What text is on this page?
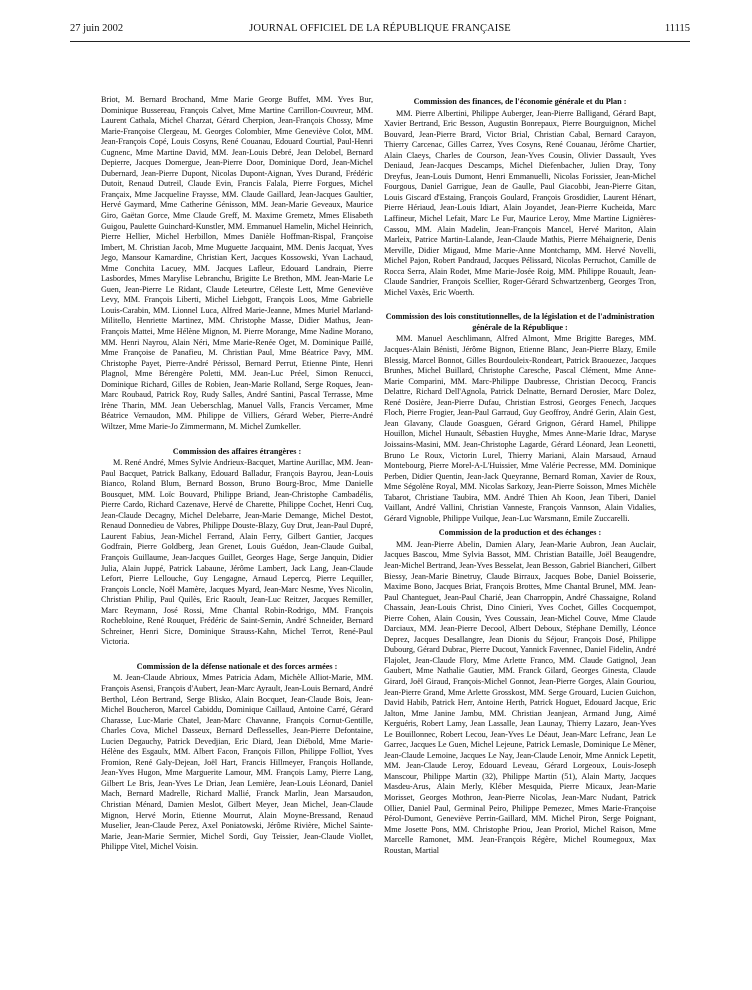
27 juin 2002	JOURNAL OFFICIEL DE LA RÉPUBLIQUE FRANÇAISE	11115

Briot, M. Bernard Brochand, Mme Marie George Buffet, MM. Yves Bur, Dominique Bussereau, François Calvet, Mme Martine Carrillon-Couvreur, MM. Laurent Cathala, Michel Charzat, Gérard Cherpion, Jean-François Chossy, Mme Marie-Françoise Clergeau, M. Georges Colombier, Mme Geneviève Colot, MM. Jean-François Copé, Louis Cosyns, René Couanau, Edouard Courtial, Paul-Henri Cugnenc, Mme Martine David, MM. Jean-Louis Debré, Jean Delobel, Bernard Depierre, Jacques Domergue, Jean-Pierre Door, Dominique Dord, Jean-Michel Dubernard, Jean-Pierre Dupont, Nicolas Dupont-Aignan, Yves Durand, Frédéric Dutoit, Renaud Dutreil, Claude Evin, Francis Falala, Pierre Forgues, Michel Françaix, Mme Jacqueline Fraysse, MM. Claude Gaillard, Jean-Jacques Gaultier, Hervé Gaymard, Mme Catherine Génisson, MM. Jean-Marie Geveaux, Maurice Giro, Gaëtan Gorce, Mme Claude Greff, M. Maxime Gremetz, Mmes Elisabeth Guigou, Paulette Guinchard-Kunstler, MM. Emmanuel Hamelin, Michel Heinrich, Pierre Hellier, Michel Herbillon, Mmes Danièle Hoffman-Rispal, Françoise Imbert, M. Christian Jacob, Mme Muguette Jacquaint, MM. Denis Jacquat, Yves Jego, Mansour Kamardine, Christian Kert, Jacques Kossowski, Yvan Lachaud, Mme Conchita Lacuey, MM. Jacques Lafleur, Edouard Landrain, Pierre Lasbordes, Mmes Marylise Lebranchu, Brigitte Le Brethon, MM. Jean-Marie Le Guen, Jean-Pierre Le Ridant, Claude Leteurtre, Céleste Lett, Mme Geneviève Levy, MM. François Liberti, Michel Liebgott, François Loos, Mme Gabrielle Louis-Carabin, MM. Lionnel Luca, Alfred Marie-Jeanne, Mmes Muriel Marland-Militello, Henriette Martinez, MM. Christophe Masse, Didier Mathus, Jean-François Mattei, Mme Hélène Mignon, M. Pierre Morange, Mme Nadine Morano, MM. Henri Nayrou, Alain Néri, Mme Marie-Renée Oget, M. Dominique Paillé, Mme Françoise de Panafieu, M. Christian Paul, Mme Béatrice Pavy, MM. Christophe Payet, Pierre-André Périssol, Bernard Perrut, Etienne Pinte, Henri Plagnol, Mme Bérengère Poletti, MM. Jean-Luc Préel, Simon Renucci, Dominique Richard, Gilles de Robien, Jean-Marie Rolland, Serge Roques, Jean-Marc Roubaud, Patrick Roy, Rudy Salles, André Santini, Pascal Terrasse, Mme Irène Tharin, MM. Jean Ueberschlag, Manuel Valls, Francis Vercamer, Mme Béatrice Vernaudon, MM. Philippe de Villiers, Gérard Weber, Pierre-André Wiltzer, Mme Marie-Jo Zimmermann, M. Michel Zumkeller.

Commission des affaires étrangères :

M. René André, Mmes Sylvie Andrieux-Bacquet, Martine Aurillac, MM. Jean-Paul Bacquet, Patrick Balkany, Edouard Balladur, François Bayrou, Jean-Louis Bianco, Roland Blum, Bernard Bosson, Bruno Bourg-Broc, Mme Danielle Bousquet, MM. Loïc Bouvard, Philippe Briand, Jean-Christophe Cambadélis, Pierre Cardo, Richard Cazenave, Hervé de Charette, Philippe Cochet, Henri Cuq, Jean-Claude Decagny, Michel Delebarre, Jean-Marie Demange, Michel Destot, Renaud Donnedieu de Vabres, Philippe Douste-Blazy, Guy Drut, Jean-Paul Dupré, Laurent Fabius, Jean-Michel Ferrand, Alain Ferry, Gilbert Gantier, Jacques Godfrain, Pierre Goldberg, Jean Grenet, Louis Guédon, Jean-Claude Guibal, François Guillaume, Jean-Jacques Guillet, Georges Hage, Serge Janquin, Didier Julia, Alain Juppé, Patrick Labaune, Jérôme Lambert, Jack Lang, Jean-Claude Lefort, Pierre Lellouche, Guy Lengagne, Arnaud Lepercq, Pierre Lequiller, François Loncle, Noël Mamère, Jacques Myard, Jean-Marc Nesme, Yves Nicolin, Christian Philip, Paul Quilès, Eric Raoult, Jean-Luc Reitzer, Jacques Remiller, Marc Reymann, José Rossi, Mme Chantal Robin-Rodrigo, MM. François Rochebloine, René Rouquet, Frédéric de Saint-Sernin, André Schneider, Bernard Schreiner, Henri Sicre, Dominique Strauss-Kahn, Michel Terrot, René-Paul Victoria.

Commission de la défense nationale et des forces armées :

M. Jean-Claude Abrioux, Mmes Patricia Adam, Michèle Alliot-Marie, MM. François Asensi, François d'Aubert, Jean-Marc Ayrault, Jean-Louis Bernard, André Berthol, Léon Bertrand, Serge Blisko, Alain Bocquet, Jean-Claude Bois, Jean-Michel Boucheron, Marcel Cabiddu, Dominique Caillaud, Antoine Carré, Gérard Charasse, Luc-Marie Chatel, Jean-Marc Chavanne, François Cornut-Gentille, Charles Cova, Michel Dasseux, Bernard Deflesselles, Jean-Pierre Defontaine, Lucien Degauchy, Patrick Devedjian, Eric Diard, Jean Diébold, Mme Marie-Hélène des Esgaulx, MM. Albert Facon, François Fillon, Philippe Folliot, Yves Fromion, René Galy-Dejean, Joël Hart, Francis Hillmeyer, François Hollande, Jean-Yves Hugon, Mme Marguerite Lamour, MM. François Lamy, Pierre Lang, Gilbert Le Bris, Jean-Yves Le Drian, Jean Lemière, Jean-Louis Léonard, Daniel Mach, Bernard Madrelle, Richard Mallié, Franck Marlin, Jean Marsaudon, Christian Ménard, Damien Meslot, Gilbert Meyer, Jean Michel, Jean-Claude Mignon, Hervé Morin, Etienne Mourrut, Alain Moyne-Bressand, Renaud Muselier, Jean-Claude Perez, Axel Poniatowski, Jérôme Rivière, Michel Sainte-Marie, Jean-Marie Sermier, Michel Sordi, Guy Teissier, Jean-Claude Viollet, Philippe Vitel, Michel Voisin.

Commission des finances, de l'économie générale et du Plan :

MM. Pierre Albertini, Philippe Auberger, Jean-Pierre Balligand, Gérard Bapt, Xavier Bertrand, Eric Besson, Augustin Bonrepaux, Pierre Bourguignon, Michel Bouvard, Jean-Pierre Brard, Victor Brial, Christian Cabal, Bernard Carayon, Thierry Carcenac, Gilles Carrez, Yves Cosyns, René Couanau, Jérôme Chartier, Alain Claeys, Charles de Courson, Jean-Yves Cousin, Olivier Dassault, Yves Deniaud, Jean-Jacques Descamps, Michel Diefenbacher, Julien Dray, Tony Dreyfus, Jean-Louis Dumont, Henri Emmanuelli, Nicolas Forissier, Jean-Michel Fourgous, Daniel Garrigue, Jean de Gaulle, Paul Giacobbi, Jean-Pierre Gitan, Louis Giscard d'Estaing, François Goulard, François Grosdidier, Laurent Hénart, Pierre Hériaud, Jean-Louis Idiart, Alain Joyandet, Jean-Pierre Kucheida, Marc Laffineur, Michel Lefait, Marc Le Fur, Maurice Leroy, Mme Martine Lignières-Cassou, MM. Alain Madelin, Jean-François Mancel, Hervé Mariton, Alain Marleix, Patrice Martin-Lalande, Jean-Claude Mathis, Pierre Méhaignerie, Denis Merville, Didier Migaud, Mme Marie-Anne Montchamp, MM. Hervé Novelli, Michel Pajon, Robert Pandraud, Jacques Pélissard, Nicolas Perruchot, Camille de Rocca Serra, Alain Rodet, Mme Marie-Josée Roig, MM. Philippe Rouault, Jean-Claude Sandrier, François Scellier, Roger-Gérard Schwartzenberg, Georges Tron, Michel Vaxès, Eric Woerth.

Commission des lois constitutionnelles, de la législation et de l'administration générale de la République :

MM. Manuel Aeschlimann, Alfred Almont, Mme Brigitte Bareges, MM. Jacques-Alain Bénisti, Jérôme Bignon, Etienne Blanc, Jean-Pierre Blazy, Emile Blessig, Marcel Bonnot, Gilles Bourdouleix-Rondeart, Patrick Braouezec, Jacques Brunhes, Michel Buillard, Christophe Caresche, Pascal Clément, Mme Anne-Marie Comparini, MM. Marc-Philippe Daubresse, Christian Decocq, Francis Delattre, Richard Dell'Agnola, Patrick Delnatte, Bernard Derosier, Marc Dolez, René Dosière, Jean-Pierre Dufau, Christian Estrosi, Georges Fenech, Jacques Floch, Pierre Frogier, Jean-Paul Garraud, Guy Geoffroy, André Gerin, Alain Gest, Jean Glavany, Claude Goasguen, Gérard Grignon, Gérard Hamel, Philippe Houillon, Michel Hunault, Sébastien Huyghe, Mmes Anne-Marie Idrac, Maryse Joissains-Masini, MM. Jean-Christophe Lagarde, Gérard Léonard, Jean Leonetti, Bruno Le Roux, Victorin Lurel, Thierry Mariani, Alain Marsaud, Arnaud Montebourg, Pierre Morel-A-L'Huissier, Mme Valérie Pecresse, MM. Dominique Perben, Didier Quentin, Jean-Jack Queyranne, Bernard Roman, Xavier de Roux, Mme Ségolène Royal, MM. Nicolas Sarkozy, Jean-Pierre Soisson, Mmes Michèle Tabarot, Christiane Taubira, MM. André Thien Ah Koon, Jean Tiberi, Daniel Vaillant, André Vallini, Christian Vanneste, François Vannson, Alain Vidalies, Gérard Vignoble, Philippe Vuilque, Jean-Luc Warsmann, Emile Zuccarelli.

Commission de la production et des échanges :

MM. Jean-Pierre Abelin, Damien Alary, Jean-Marie Aubron, Jean Auclair, Jacques Bascou, Mme Sylvia Bassot, MM. Christian Bataille, Joël Beaugendre, Jean-Michel Bertrand, Jean-Yves Besselat, Jean Besson, Gabriel Biancheri, Gilbert Biessy, Jean-Marie Binetruy, Claude Birraux, Jacques Bobe, Daniel Boisserie, Maxime Bono, Jacques Briat, François Brottes, Mme Chantal Brunel, MM. Jean-Paul Chanteguet, Jean-Paul Charié, Jean Charroppin, André Chassaigne, Roland Chassain, Jean-Louis Christ, Dino Cinieri, Yves Cochet, Gilles Cocquempot, Pierre Cohen, Alain Cousin, Yves Coussain, Jean-Michel Couve, Mme Claude Darciaux, MM. Jean-Pierre Decool, Albert Deboux, Stéphane Demilly, Léonce Deprez, Jacques Desallangre, Jean Dionis du Séjour, François Dosé, Philippe Dubourg, Gérard Dubrac, Pierre Ducout, Yannick Favennec, Daniel Fidelin, André Flajolet, Jean-Claude Flory, Mme Arlette Franco, MM. Claude Gatignol, Jean Gaubert, Mme Nathalie Gautier, MM. Franck Gilard, Georges Ginesta, Claude Girard, Joël Giraud, François-Michel Gonnot, Jean-Pierre Gorges, Alain Gouriou, Jean-Pierre Grand, Mme Arlette Grosskost, MM. Serge Grouard, Lucien Guichon, David Habib, Patrick Herr, Antoine Herth, Patrick Hoguet, Edouard Jacque, Eric Jalton, Mme Janine Jambu, MM. Christian Jeanjean, Armand Jung, Aimé Kerguéris, Robert Lamy, Jean Lassalle, Jean Launay, Thierry Lazaro, Jean-Yves Le Bouillonnec, Robert Lecou, Jean-Yves Le Déaut, Jean-Marc Lefranc, Jean Le Garrec, Jacques Le Guen, Michel Lejeune, Patrick Lemasle, Dominique Le Mèner, Jean-Claude Lemoine, Jacques Le Nay, Jean-Claude Lenoir, Mme Annick Lepetit, MM. Jean-Claude Leroy, Edouard Leveau, Gérard Lorgeoux, Louis-Joseph Manscour, Philippe Martin (32), Philippe Martin (51), Alain Marty, Jacques Masdeu-Arus, Alain Merly, Kléber Mesquida, Pierre Micaux, Jean-Marie Morisset, Georges Mothron, Jean-Pierre Nicolas, Jean-Marc Nudant, Patrick Ollier, Daniel Paul, Germinal Peiro, Philippe Pemezec, Mmes Marie-Françoise Pérol-Dumont, Geneviève Perrin-Gaillard, MM. Michel Piron, Serge Poignant, Mme Josette Pons, MM. Christophe Priou, Jean Proriol, Michel Raison, Mme Marcelle Ramonet, MM. Jean-François Régère, Michel Roumegoux, Max Roustan, Martial
